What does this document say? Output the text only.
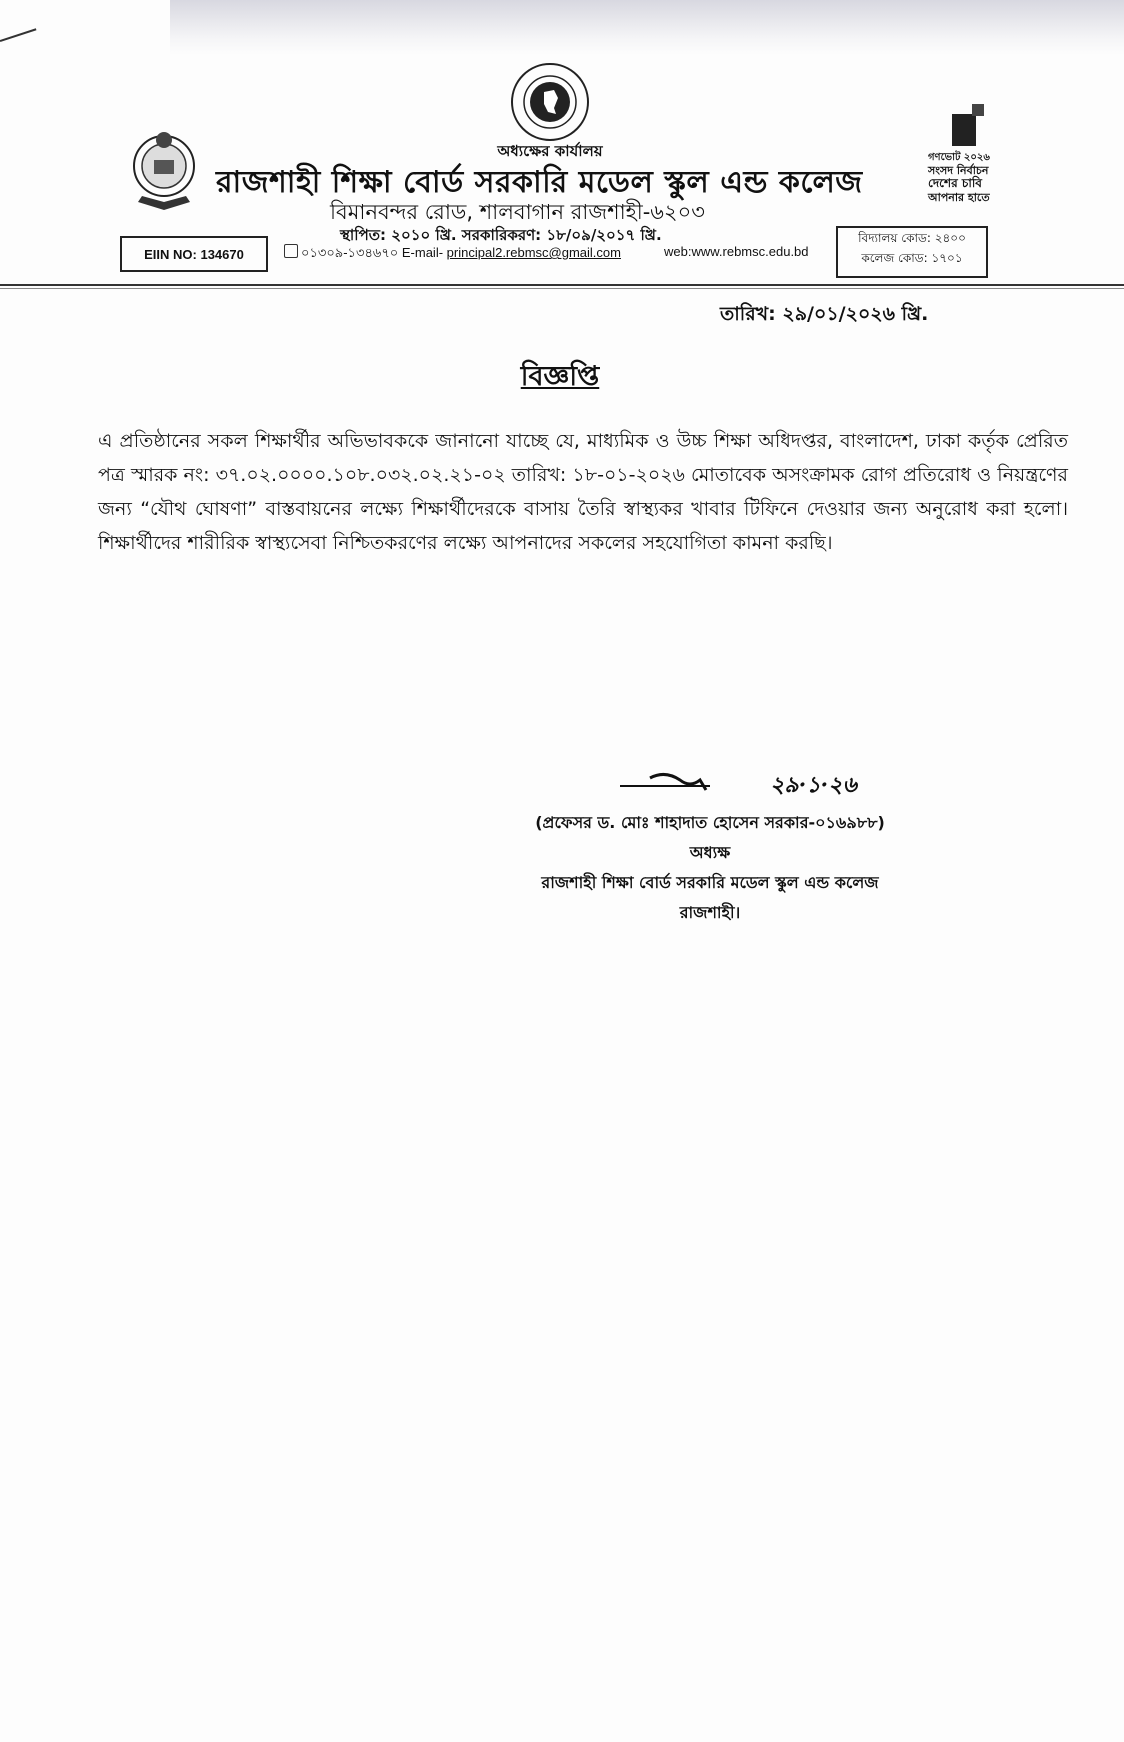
অধ্যক্ষের কার্যালয়
রাজশাহী শিক্ষা বোর্ড সরকারি মডেল স্কুল এন্ড কলেজ
বিমানবন্দর রোড, শালবাগান রাজশাহী-৬২০৩
স্থাপিত: ২০১০ খ্রি. সরকারিকরণ: ১৮/০৯/২০১৭ খ্রি.
EIIN NO: 134670	০১৩০৯-১৩৪৬৭০ E-mail- principal2.rebmsc@gmail.com	web:www.rebmsc.edu.bd
বিদ্যালয় কোড: ২৪০০
কলেজ কোড: ১৭০১
গণভোট ২০২৬
সংসদ নির্বাচন
দেশের চাবি
আপনার হাতে
তারিখ: ২৯/০১/২০২৬ খ্রি.
বিজ্ঞপ্তি
এ প্রতিষ্ঠানের সকল শিক্ষার্থীর অভিভাবককে জানানো যাচ্ছে যে, মাধ্যমিক ও উচ্চ শিক্ষা অধিদপ্তর, বাংলাদেশ, ঢাকা কর্তৃক প্রেরিত পত্র স্মারক নং: ৩৭.০২.০০০০.১০৮.০৩২.০২.২১-০২ তারিখ: ১৮-০১-২০২৬ মোতাবেক অসংক্রামক রোগ প্রতিরোধ ও নিয়ন্ত্রণের জন্য “যৌথ ঘোষণা” বাস্তবায়নের লক্ষ্যে শিক্ষার্থীদেরকে বাসায় তৈরি স্বাস্থ্যকর খাবার টিফিনে দেওয়ার জন্য অনুরোধ করা হলো। শিক্ষার্থীদের শারীরিক স্বাস্থ্যসেবা নিশ্চিতকরণের লক্ষ্যে আপনাদের সকলের সহযোগিতা কামনা করছি।
২৯·১·২৬
(প্রফেসর ড. মোঃ শাহাদাত হোসেন সরকার-০১৬৯৮৮)
অধ্যক্ষ
রাজশাহী শিক্ষা বোর্ড সরকারি মডেল স্কুল এন্ড কলেজ
রাজশাহী।
